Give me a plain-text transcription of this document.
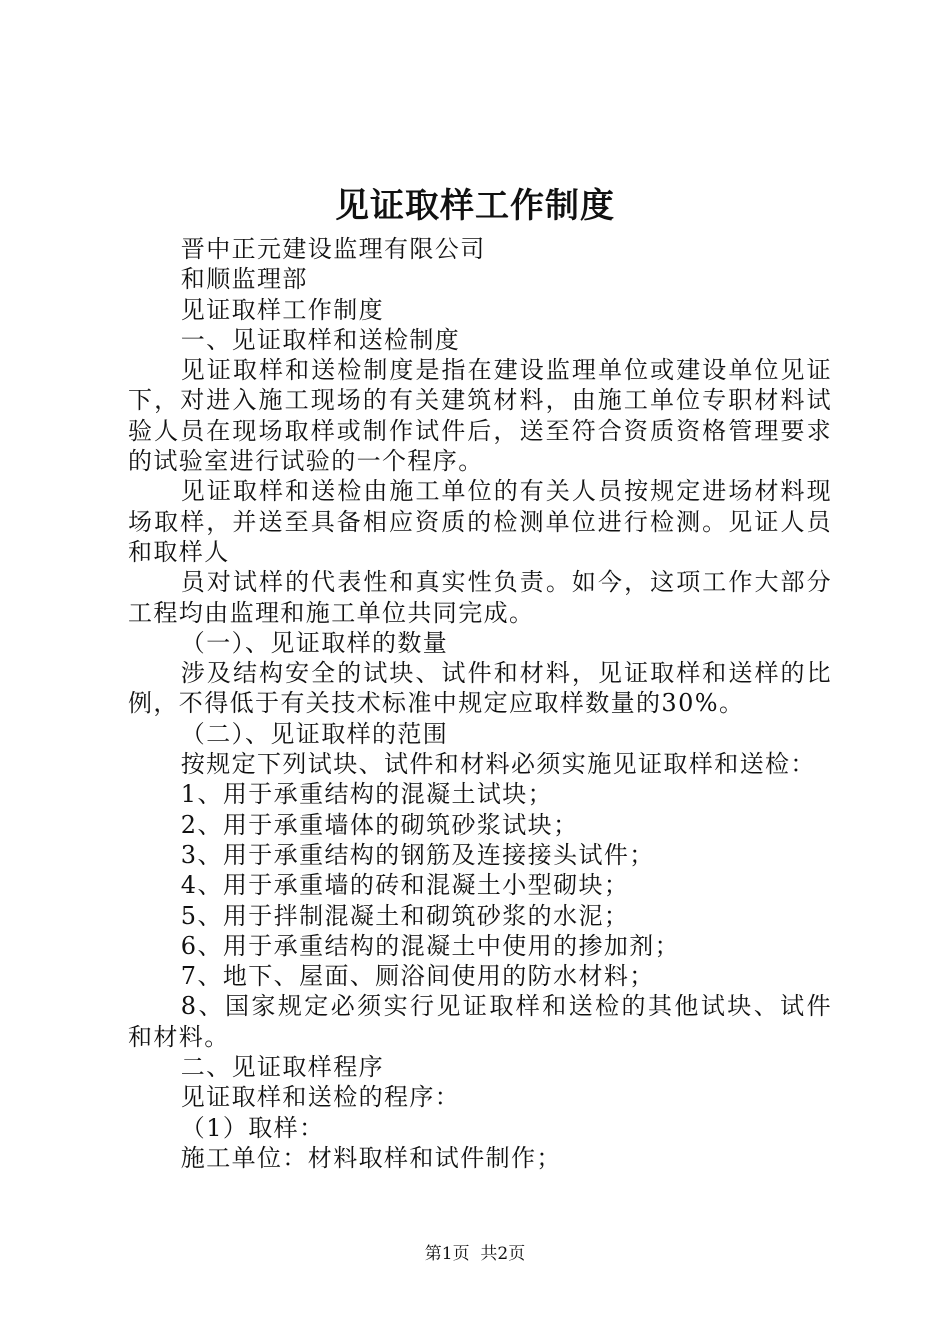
见证取样工作制度

晋中正元建设监理有限公司

和顺监理部

见证取样工作制度

一、见证取样和送检制度

见证取样和送检制度是指在建设监理单位或建设单位见证下，对进入施工现场的有关建筑材料，由施工单位专职材料试验人员在现场取样或制作试件后，送至符合资质资格管理要求的试验室进行试验的一个程序。

见证取样和送检由施工单位的有关人员按规定进场材料现场取样，并送至具备相应资质的检测单位进行检测。见证人员和取样人

员对试样的代表性和真实性负责。如今，这项工作大部分工程均由监理和施工单位共同完成。

（一）、见证取样的数量

涉及结构安全的试块、试件和材料，见证取样和送样的比例，不得低于有关技术标准中规定应取样数量的30%。

（二）、见证取样的范围

按规定下列试块、试件和材料必须实施见证取样和送检：

1、用于承重结构的混凝土试块；

2、用于承重墙体的砌筑砂浆试块；

3、用于承重结构的钢筋及连接接头试件；

4、用于承重墙的砖和混凝土小型砌块；

5、用于拌制混凝土和砌筑砂浆的水泥；

6、用于承重结构的混凝土中使用的掺加剂；

7、地下、屋面、厕浴间使用的防水材料；

8、国家规定必须实行见证取样和送检的其他试块、试件和材料。

二、见证取样程序

见证取样和送检的程序：

（1）取样：

施工单位：材料取样和试件制作；

第1页  共2页
